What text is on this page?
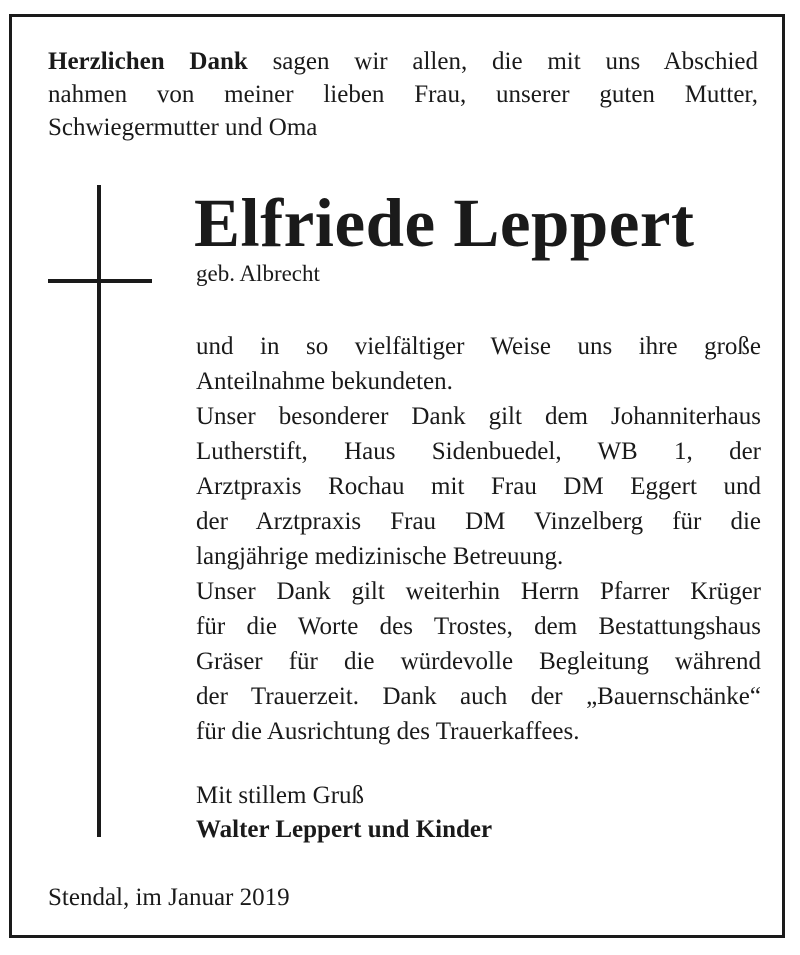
Herzlichen Dank sagen wir allen, die mit uns Abschied
nahmen von meiner lieben Frau, unserer guten Mutter,
Schwiegermutter und Oma
Elfriede Leppert
geb. Albrecht
und in so vielfältiger Weise uns ihre große
Anteilnahme bekundeten.
Unser besonderer Dank gilt dem Johanniterhaus
Lutherstift, Haus Sidenbuedel, WB 1, der
Arztpraxis Rochau mit Frau DM Eggert und
der Arztpraxis Frau DM Vinzelberg für die
langjährige medizinische Betreuung.
Unser Dank gilt weiterhin Herrn Pfarrer Krüger
für die Worte des Trostes, dem Bestattungshaus
Gräser für die würdevolle Begleitung während
der Trauerzeit. Dank auch der „Bauernschänke“
für die Ausrichtung des Trauerkaffees.
Mit stillem Gruß
Walter Leppert und Kinder
Stendal, im Januar 2019
